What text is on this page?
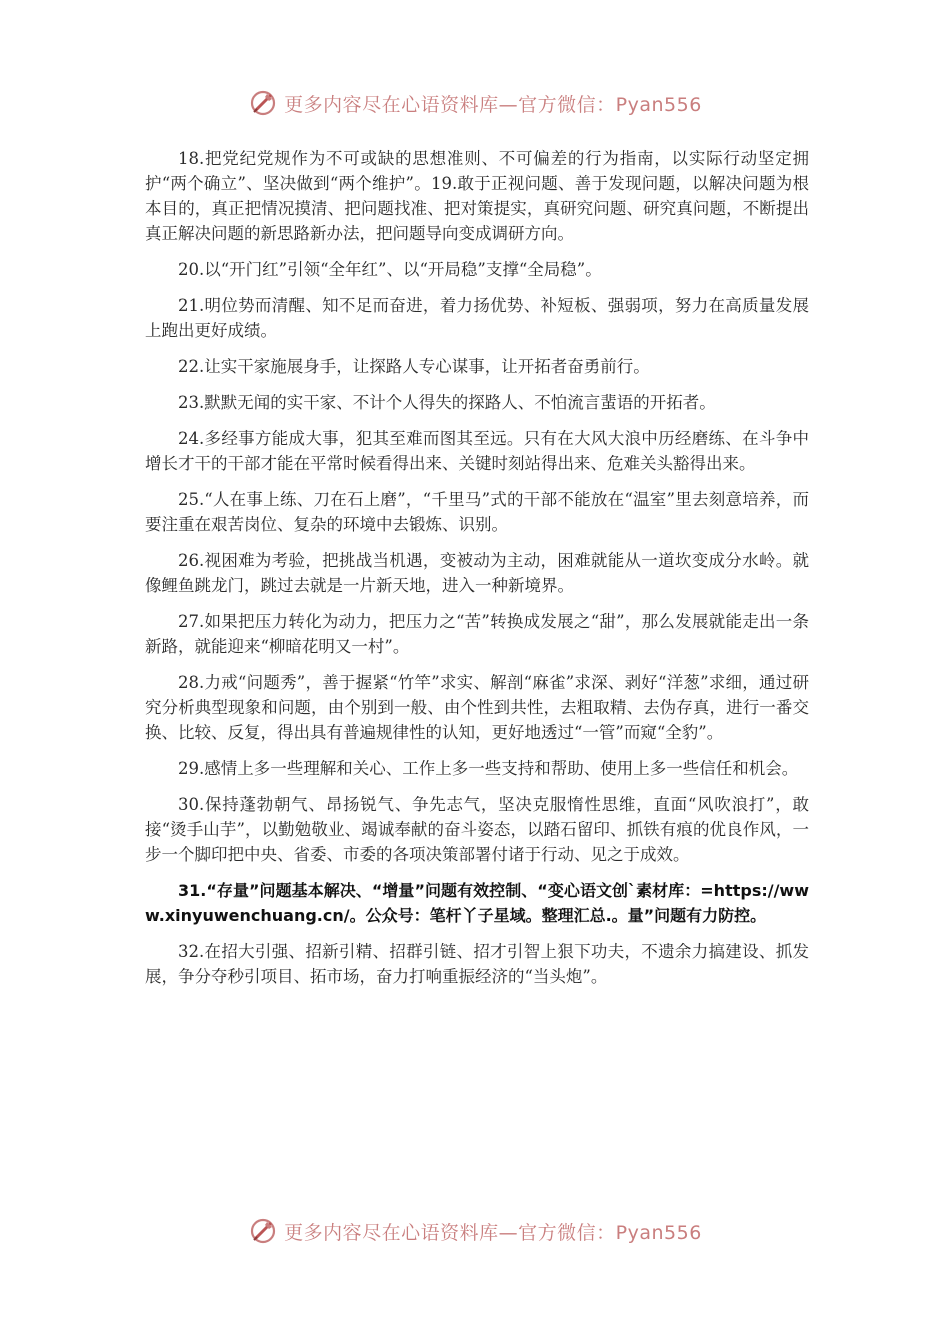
更多内容尽在心语资料库—官方微信：Pyan556

18.把党纪党规作为不可或缺的思想准则、不可偏差的行为指南，以实际行动坚定拥护“两个确立”、坚决做到“两个维护”。19.敢于正视问题、善于发现问题，以解决问题为根本目的，真正把情况摸清、把问题找准、把对策提实，真研究问题、研究真问题，不断提出真正解决问题的新思路新办法，把问题导向变成调研方向。

20.以“开门红”引领“全年红”、以“开局稳”支撑“全局稳”。

21.明位势而清醒、知不足而奋进，着力扬优势、补短板、强弱项，努力在高质量发展上跑出更好成绩。

22.让实干家施展身手，让探路人专心谋事，让开拓者奋勇前行。

23.默默无闻的实干家、不计个人得失的探路人、不怕流言蜚语的开拓者。

24.多经事方能成大事，犯其至难而图其至远。只有在大风大浪中历经磨练、在斗争中增长才干的干部才能在平常时候看得出来、关键时刻站得出来、危难关头豁得出来。

25.“人在事上练、刀在石上磨”，“千里马”式的干部不能放在“温室”里去刻意培养，而要注重在艰苦岗位、复杂的环境中去锻炼、识别。

26.视困难为考验，把挑战当机遇，变被动为主动，困难就能从一道坎变成分水岭。就像鲤鱼跳龙门，跳过去就是一片新天地，进入一种新境界。

27.如果把压力转化为动力，把压力之“苦”转换成发展之“甜”，那么发展就能走出一条新路，就能迎来“柳暗花明又一村”。

28.力戒“问题秀”，善于握紧“竹竿”求实、解剖“麻雀”求深、剥好“洋葱”求细，通过研究分析典型现象和问题，由个别到一般、由个性到共性，去粗取精、去伪存真，进行一番交换、比较、反复，得出具有普遍规律性的认知，更好地透过“一管”而窥“全豹”。

29.感情上多一些理解和关心、工作上多一些支持和帮助、使用上多一些信任和机会。

30.保持蓬勃朝气、昂扬锐气、争先志气，坚决克服惰性思维，直面“风吹浪打”，敢接“烫手山芋”，以勤勉敬业、竭诚奉献的奋斗姿态，以踏石留印、抓铁有痕的优良作风，一步一个脚印把中央、省委、市委的各项决策部署付诸于行动、见之于成效。

31.“存量”问题基本解决、“增量”问题有效控制、“变心语文创`素材库：=https://www.xinyuwenchuang.cn/。公众号：笔杆丫子星域。整理汇总.。量”问题有力防控。

32.在招大引强、招新引精、招群引链、招才引智上狠下功夫，不遗余力搞建设、抓发展，争分夺秒引项目、拓市场，奋力打响重振经济的“当头炮”。

更多内容尽在心语资料库—官方微信：Pyan556
